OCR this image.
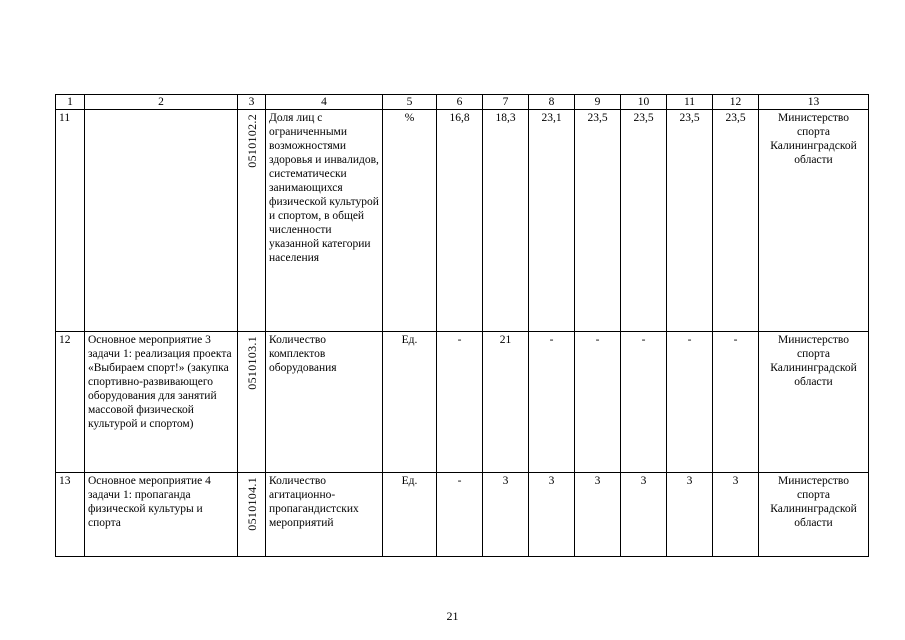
1	2	3	4	5	6	7	8	9	10	11	12	13
11		0510102.2	Доля лиц с ограниченными возможностями здоровья и инвалидов, систематически занимающихся физической культурой и спортом, в общей численности указанной категории населения	%	16,8	18,3	23,1	23,5	23,5	23,5	23,5	Министерство спорта Калининградской области
12	Основное мероприятие 3 задачи 1: реализация проекта «Выбираем спорт!» (закупка спортивно-развивающего оборудования для занятий массовой физической культурой и спортом)	0510103.1	Количество комплектов оборудования	Ед.	-	21	-	-	-	-	-	Министерство спорта Калининградской области
13	Основное мероприятие 4 задачи 1: пропаганда физической культуры и спорта	0510104.1	Количество агитационно-пропагандистских мероприятий	Ед.	-	3	3	3	3	3	3	Министерство спорта Калининградской области
21
